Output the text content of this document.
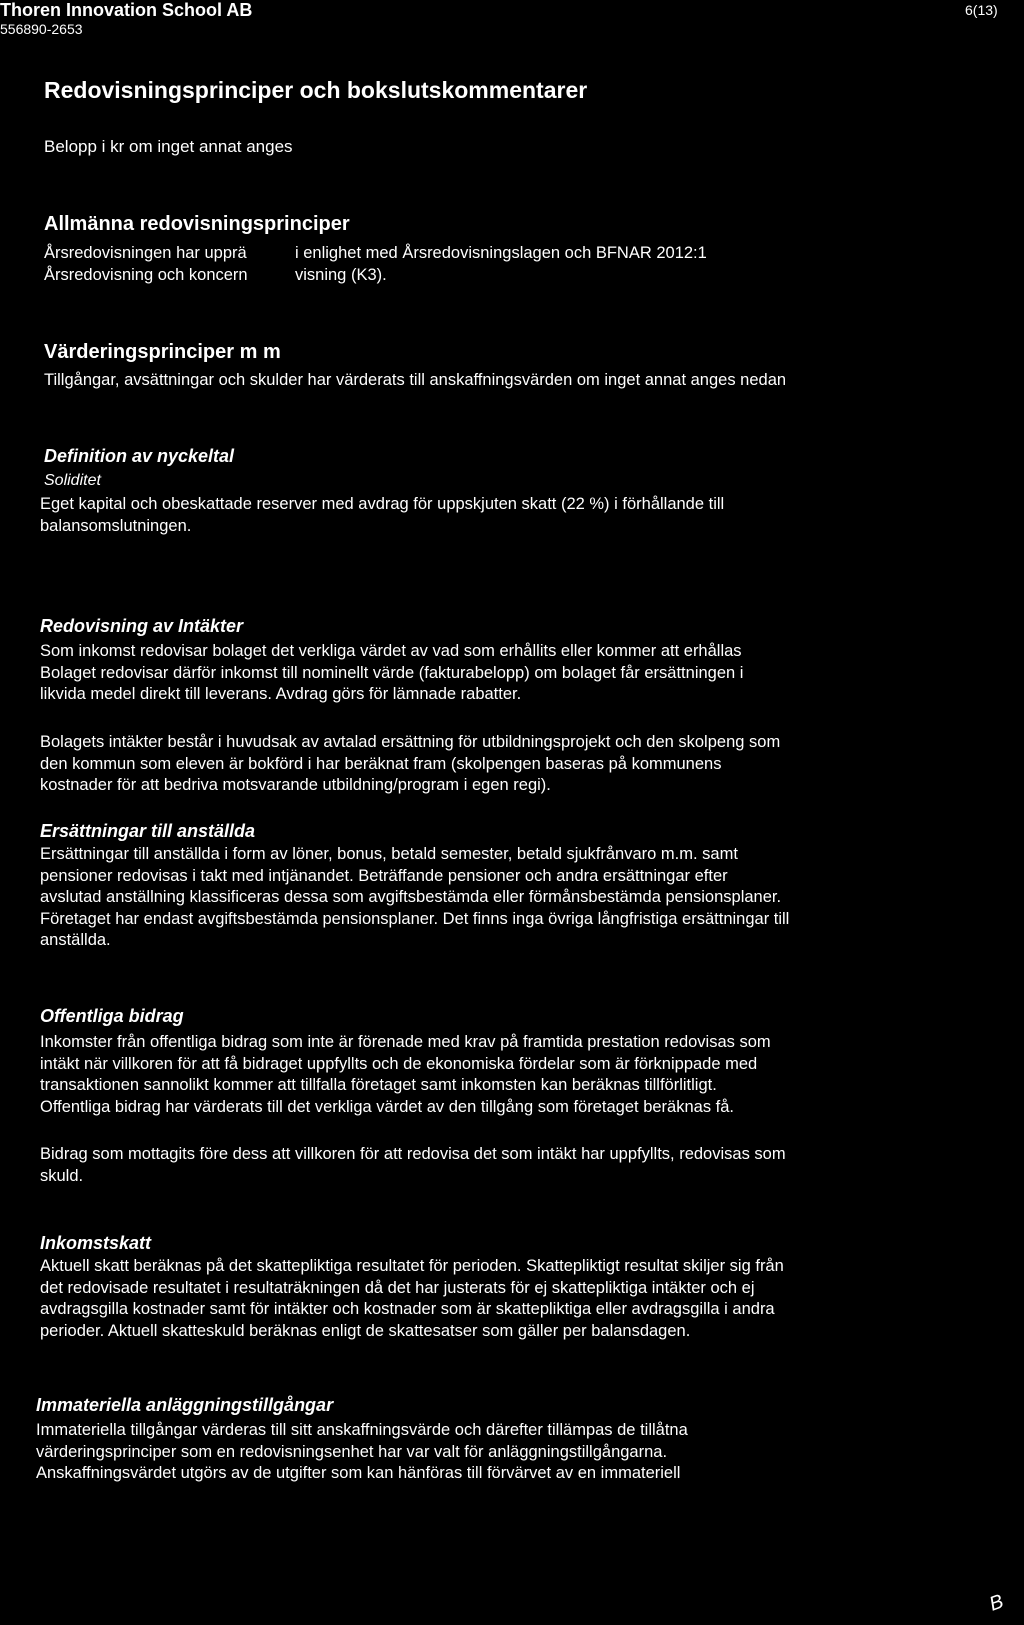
Thoren Innovation School AB
556890-2653
6(13)
Redovisningsprinciper och bokslutskommentarer
Belopp i kr om inget annat anges
Allmänna redovisningsprinciper
Årsredovisningen har upprä	i enlighet med Årsredovisningslagen och BFNAR 2012:1
Årsredovisning och koncern	visning (K3).
Värderingsprinciper m m
Tillgångar, avsättningar och skulder har värderats till anskaffningsvärden om inget annat anges nedan
Definition av nyckeltal
Soliditet
Eget kapital och obeskattade reserver med avdrag för uppskjuten skatt (22 %) i förhållande till
balansomslutningen.
Redovisning av Intäkter
Som inkomst redovisar bolaget det verkliga värdet av vad som erhållits eller kommer att erhållas
Bolaget redovisar därför inkomst till nominellt värde (fakturabelopp) om bolaget får ersättningen i
likvida medel direkt till leverans. Avdrag görs för lämnade rabatter.
Bolagets intäkter består i huvudsak av avtalad ersättning för utbildningsprojekt och den skolpeng som
den kommun som eleven är bokförd i har beräknat fram (skolpengen baseras på kommunens
kostnader för att bedriva motsvarande utbildning/program i egen regi).
Ersättningar till anställda
Ersättningar till anställda i form av löner, bonus, betald semester, betald sjukfrånvaro m.m. samt
pensioner redovisas i takt med intjänandet. Beträffande pensioner och andra ersättningar efter
avslutad anställning klassificeras dessa som avgiftsbestämda eller förmånsbestämda pensionsplaner.
Företaget har endast avgiftsbestämda pensionsplaner. Det finns inga övriga långfristiga ersättningar till
anställda.
Offentliga bidrag
Inkomster från offentliga bidrag som inte är förenade med krav på framtida prestation redovisas som
intäkt när villkoren för att få bidraget uppfyllts och de ekonomiska fördelar som är förknippade med
transaktionen sannolikt kommer att tillfalla företaget samt inkomsten kan beräknas tillförlitligt.
Offentliga bidrag har värderats till det verkliga värdet av den tillgång som företaget beräknas få.
Bidrag som mottagits före dess att villkoren för att redovisa det som intäkt har uppfyllts, redovisas som
skuld.
Inkomstskatt
Aktuell skatt beräknas på det skattepliktiga resultatet för perioden. Skattepliktigt resultat skiljer sig från
det redovisade resultatet i resultaträkningen då det har justerats för ej skattepliktiga intäkter och ej
avdragsgilla kostnader samt för intäkter och kostnader som är skattepliktiga eller avdragsgilla i andra
perioder. Aktuell skatteskuld beräknas enligt de skattesatser som gäller per balansdagen.
Immateriella anläggningstillgångar
Immateriella tillgångar värderas till sitt anskaffningsvärde och därefter tillämpas de tillåtna
värderingsprinciper som en redovisningsenhet har var valt för anläggningstillgångarna.
Anskaffningsvärdet utgörs av de utgifter som kan hänföras till förvärvet av en immateriell
B
